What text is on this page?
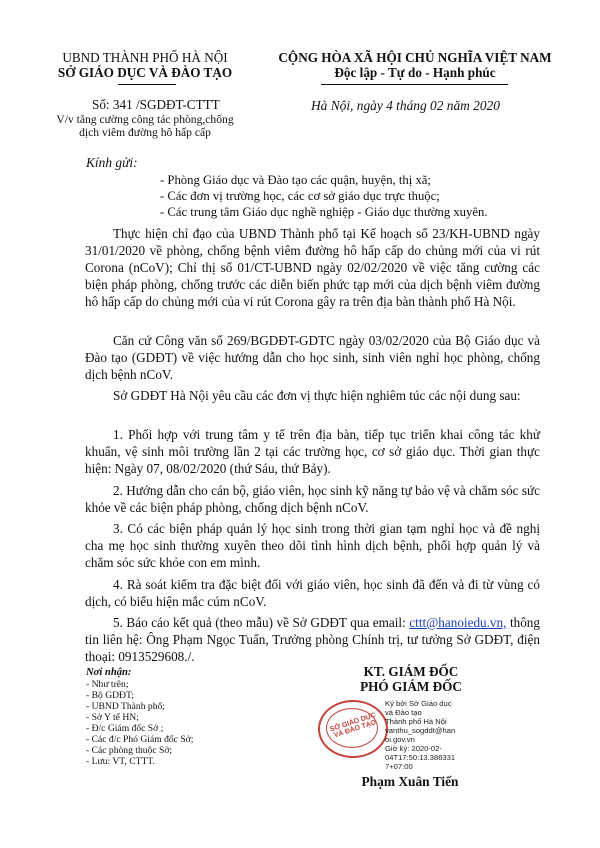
UBND THÀNH PHỐ HÀ NỘI
SỞ GIÁO DỤC VÀ ĐÀO TẠO
Số: 341 /SGDĐT-CTTT
V/v tăng cường công tác phòng,chống
dịch viêm đường hô hấp cấp
CỘNG HÒA XÃ HỘI CHỦ NGHĨA VIỆT NAM
Độc lập - Tự do - Hạnh phúc
Hà Nội, ngày 4 tháng 02 năm 2020
Kính gửi:
- Phòng Giáo dục và Đào tạo các quận, huyện, thị xã;
- Các đơn vị trường học, các cơ sở giáo dục trực thuộc;
- Các trung tâm Giáo dục nghề nghiệp - Giáo dục thường xuyên.
Thực hiện chỉ đạo của UBND Thành phố tại Kế hoạch số 23/KH-UBND ngày 31/01/2020 về phòng, chống bệnh viêm đường hô hấp cấp do chủng mới của vi rút Corona (nCoV); Chỉ thị số 01/CT-UBND ngày 02/02/2020 về việc tăng cường các biện pháp phòng, chống trước các diễn biến phức tạp mới của dịch bệnh viêm đường hô hấp cấp do chủng mới của vi rút Corona gây ra trên địa bàn thành phố Hà Nội.
Căn cứ Công văn số 269/BGDĐT-GDTC ngày 03/02/2020 của Bộ Giáo dục và Đào tạo (GDĐT) về việc hướng dẫn cho học sinh, sinh viên nghỉ học phòng, chống dịch bệnh nCoV.
Sở GDĐT Hà Nội yêu cầu các đơn vị thực hiện nghiêm túc các nội dung sau:
1. Phối hợp với trung tâm y tế trên địa bàn, tiếp tục triển khai công tác khử khuẩn, vệ sinh môi trường lần 2 tại các trường học, cơ sở giáo dục. Thời gian thực hiện: Ngày 07, 08/02/2020 (thứ Sáu, thứ Bảy).
2. Hướng dẫn cho cán bộ, giáo viên, học sinh kỹ năng tự bảo vệ và chăm sóc sức khỏe về các biện pháp phòng, chống dịch bệnh nCoV.
3. Có các biện pháp quản lý học sinh trong thời gian tạm nghỉ học và đề nghị cha mẹ học sinh thường xuyên theo dõi tình hình dịch bệnh, phối hợp quản lý và chăm sóc sức khỏe con em mình.
4. Rà soát kiểm tra đặc biệt đối với giáo viên, học sinh đã đến và đi từ vùng có dịch, có biểu hiện mắc cúm nCoV.
5. Báo cáo kết quả (theo mẫu) về Sở GDĐT qua email: cttt@hanoiedu.vn, thông tin liên hệ: Ông Phạm Ngọc Tuấn, Trưởng phòng Chính trị, tư tưởng Sở GDĐT, điện thoại: 0913529608./.
Nơi nhận:
- Như trên;
- Bộ GDĐT;
- UBND Thành phố;
- Sở Y tế HN;
- Đ/c Giám đốc Sở ;
- Các đ/c Phó Giám đốc Sở;
- Các phòng thuộc Sở;
- Lưu: VT, CTTT.
KT. GIÁM ĐỐC
PHÓ GIÁM ĐỐC
SỞ GIÁO DỤC VÀ ĐÀO TẠO
Ký bởi Sở Giáo dục
và Đào tạo
Thành phố Hà Nội
vanthu_sogddt@han
oi.gov.vn
Giờ ký: 2020-02-
04T17:50:13.386331
7+07:00
Phạm Xuân Tiến
